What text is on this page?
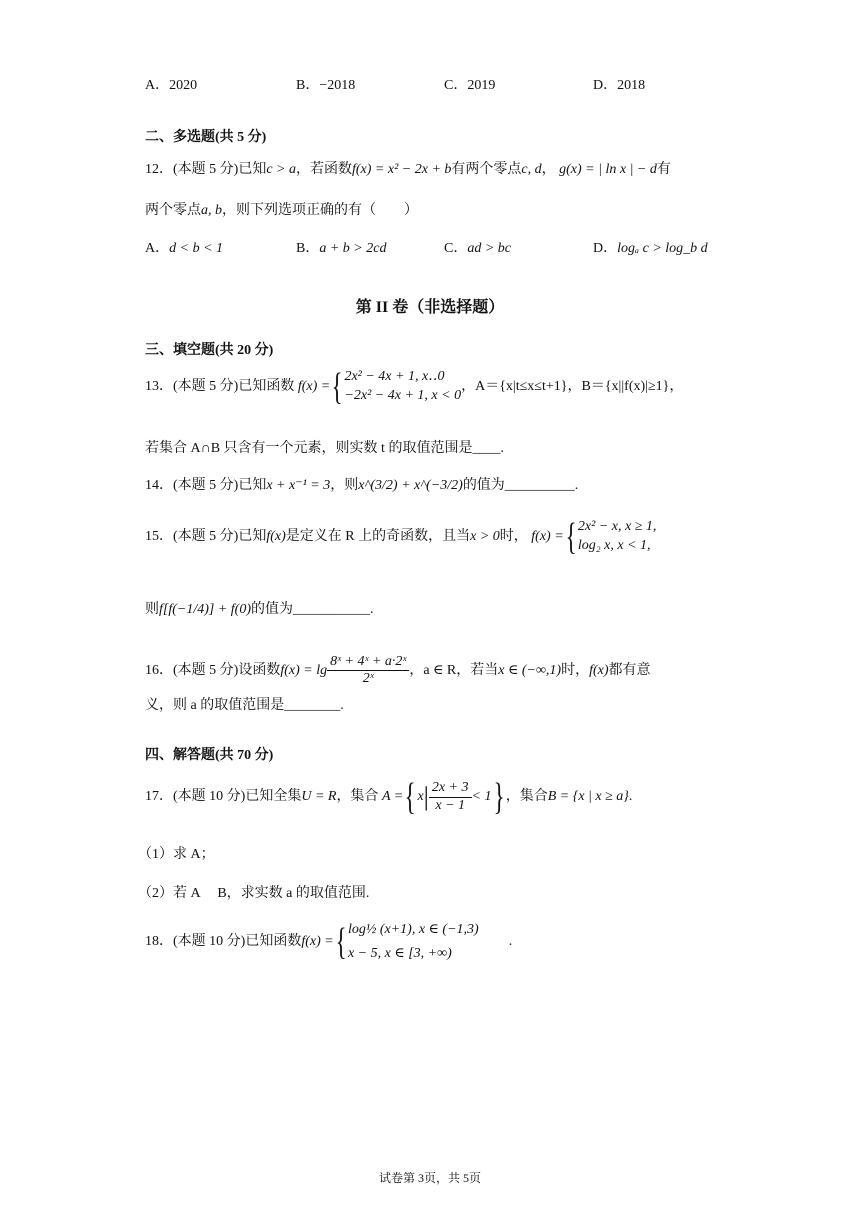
A．2020	B．−2018	C．2019	D．2018
二、多选题(共 5 分)
12．(本题 5 分)已知c > a，若函数f(x) = x² − 2x + b有两个零点c, d， g(x) = | ln x | − d有
两个零点a, b，则下列选项正确的有（　　）
A．d < b < 1	B．a + b > 2cd	C．ad > bc	D．logₐ c > log_b d
第 II 卷（非选择题）
三、填空题(共 20 分)
13．(本题 5 分)已知函数 f(x) ={ 2x² − 4x + 1, x‥0
−2x² − 4x + 1, x < 0
，A＝{x|t≤x≤t+1}，B＝{x||f(x)|≥1}，
若集合 A∩B 只含有一个元素，则实数 t 的取值范围是____.
14．(本题 5 分)已知x + x⁻¹ = 3，则x^(3/2) + x^(−3/2)的值为__________.
15．(本题 5 分)已知f(x)是定义在 R 上的奇函数，且当x > 0时， f(x) ={ 2x² − x, x ≥ 1,
log₂ x, x < 1,
则f[f(−1/4)] + f(0)的值为___________.
16．(本题 5 分)设函数$f(x) = \lg \frac{\text{8ˣ + 4ˣ + a·2ˣ}}{\text{2ˣ}}$ ，a ∈ R，若当x ∈ (−∞,1)时，f(x)都有意
义，则 a 的取值范围是________.
四、解答题(共 70 分)
17．(本题 10 分)已知全集U = R，集合 A ={ $x| \frac{2x + 3}{x - 1} < 1$} ，集合B = {x | x ≥ a}.
（1）求 A；
（2）若 A　 B，求实数 a 的取值范围.
18．(本题 10 分)已知函数f(x) ={ log½ (x+1), x ∈ (−1,3)
x − 5, x ∈ [3, +∞)
.
试卷第 3页，共 5页
